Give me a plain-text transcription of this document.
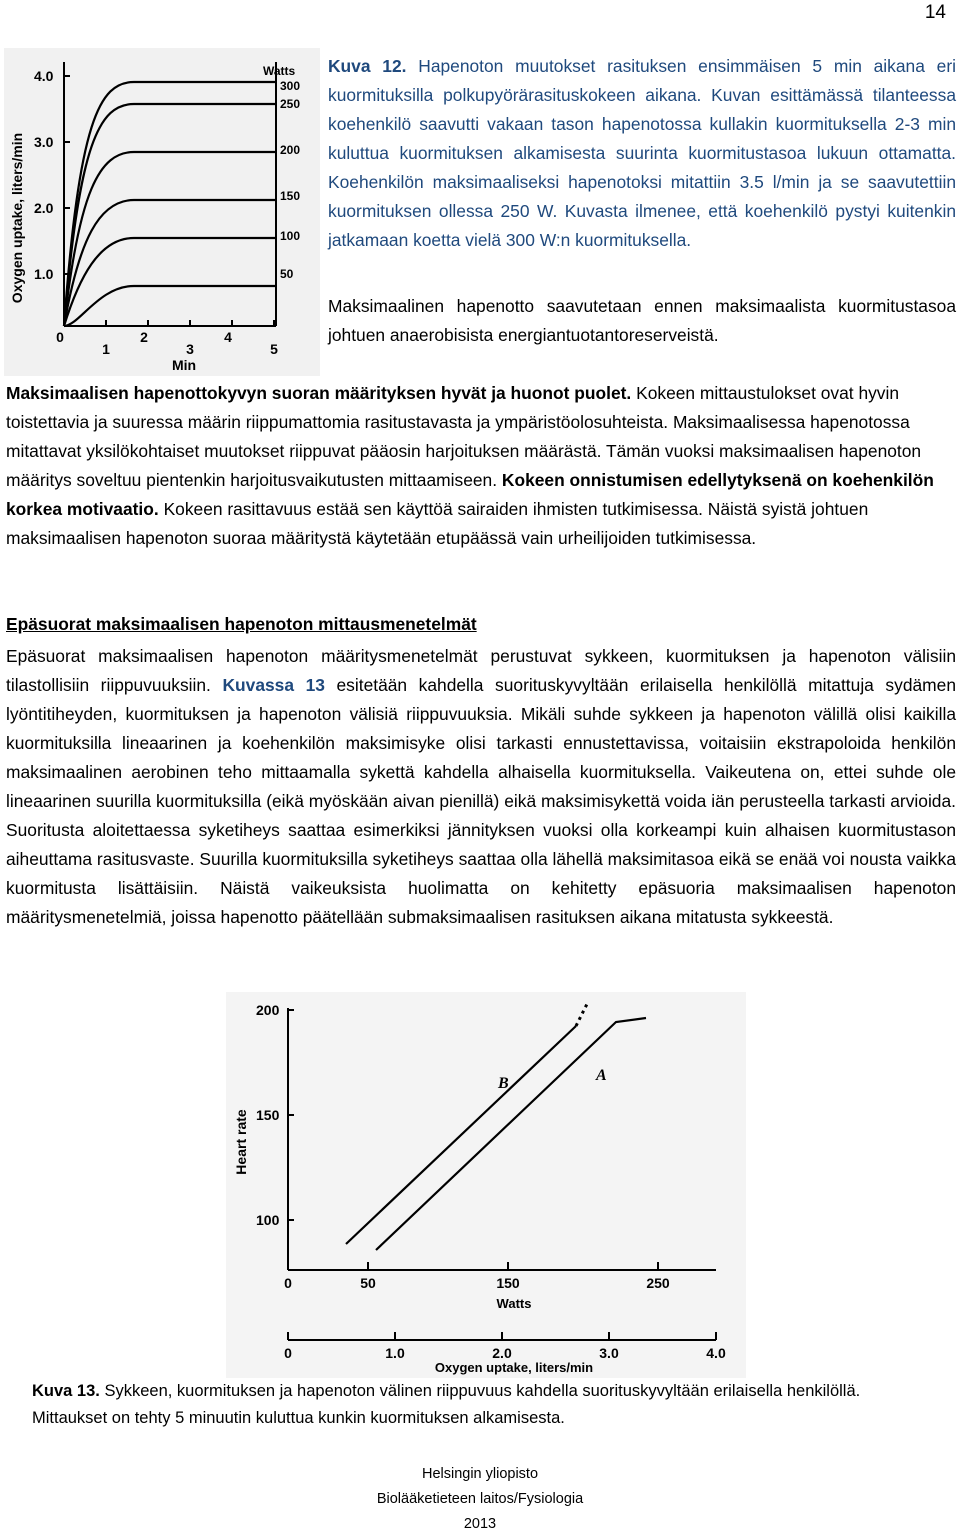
14
Oxygen uptake, liters/min
4.0
3.0
2.0
1.0
0
1
2
3
4
5
Watts
300
250
200
150
100
50
Min
Kuva 12. Hapenoton muutokset rasituksen ensimmäisen 5 min aikana eri kuormituksilla polkupyörärasituskokeen aikana. Kuvan esittämässä tilanteessa koehenkilö saavutti vakaan tason hapenotossa kullakin kuormituksella 2-3 min kuluttua kuormituksen alkamisesta suurinta kuormitustasoa lukuun ottamatta. Koehenkilön maksimaaliseksi hapenotoksi mitattiin 3.5 l/min ja se saavutettiin kuormituksen ollessa 250 W. Kuvasta ilmenee, että koehenkilö pystyi kuitenkin jatkamaan koetta vielä 300 W:n kuormituksella.
Maksimaalinen hapenotto saavutetaan ennen maksimaalista kuormitustasoa johtuen anaerobisista energiantuotantoreserveistä.
Maksimaalisen hapenottokyvyn suoran määrityksen hyvät ja huonot puolet. Kokeen mittaustulokset ovat hyvin toistettavia ja suuressa määrin riippumattomia rasitustavasta ja ympäristöolosuhteista. Maksimaalisessa hapenotossa mitattavat yksilökohtaiset muutokset riippuvat pääosin harjoituksen määrästä. Tämän vuoksi maksimaalisen hapenoton määritys soveltuu pientenkin harjoitusvaikutusten mittaamiseen. Kokeen onnistumisen edellytyksenä on koehenkilön korkea motivaatio. Kokeen rasittavuus estää sen käyttöä sairaiden ihmisten tutkimisessa. Näistä syistä johtuen maksimaalisen hapenoton suoraa määritystä käytetään etupäässä vain urheilijoiden tutkimisessa.
Epäsuorat maksimaalisen hapenoton mittausmenetelmät
Epäsuorat maksimaalisen hapenoton määritysmenetelmät perustuvat sykkeen, kuormituksen ja hapenoton välisiin tilastollisiin riippuvuuksiin. Kuvassa 13 esitetään kahdella suorituskyvyltään erilaisella henkilöllä mitattuja sydämen lyöntitiheyden, kuormituksen ja hapenoton välisiä riippuvuuksia. Mikäli suhde sykkeen ja hapenoton välillä olisi kaikilla kuormituksilla lineaarinen ja koehenkilön maksimisyke olisi tarkasti ennustettavissa, voitaisiin ekstrapoloida henkilön maksimaalinen aerobinen teho mittaamalla sykettä kahdella alhaisella kuormituksella. Vaikeutena on, ettei suhde ole lineaarinen suurilla kuormituksilla (eikä myöskään aivan pienillä) eikä maksimisykettä voida iän perusteella tarkasti arvioida. Suoritusta aloitettaessa syketiheys saattaa esimerkiksi jännityksen vuoksi olla korkeampi kuin alhaisen kuormitustason aiheuttama rasitusvaste. Suurilla kuormituksilla syketiheys saattaa olla lähellä maksimitasoa eikä se enää voi nousta vaikka kuormitusta lisättäisiin. Näistä vaikeuksista huolimatta on kehitetty epäsuoria maksimaalisen hapenoton määritysmenetelmiä, joissa hapenotto päätellään submaksimaalisen rasituksen aikana mitatusta sykkeestä.
Heart rate
200
150
100
0	50	150	250
0	1.0	2.0	3.0	4.0
Watts
Oxygen uptake, liters/min
B	A
Kuva 13. Sykkeen, kuormituksen ja hapenoton välinen riippuvuus kahdella suorituskyvyltään erilaisella henkilöllä. Mittaukset on tehty 5 minuutin kuluttua kunkin kuormituksen alkamisesta.
Helsingin yliopisto
Biolääketieteen laitos/Fysiologia
2013
